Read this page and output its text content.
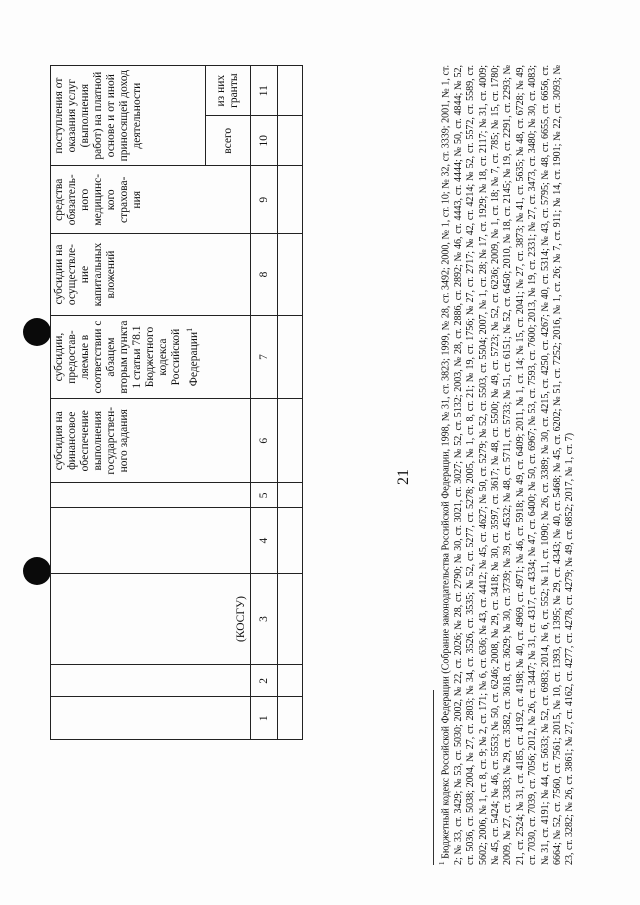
21
		(КОСГУ)			субсидия на финансовое обеспечение выполнения государствен-ного задания	субсидии, предостав-ляемые в соответствии с абзацем вторым пункта 1 статьи 78.1 Бюджетного кодекса Российской Федерации$^1$	субсидии на осуществле-ние капитальных вложений	средства обязатель-ного медицинс-кого страхова-ния	поступления от оказания услуг (выполнения работ) на платной основе и от иной приносящей доход деятельности	
									всего	из них гранты
1	2	3	4	5	6	7	8	9	10	11

$^1$ Бюджетный кодекс Российской Федерации (Собрание законодательства Российской Федерации, 1998, № 31, ст. 3823; 1999, № 28, ст. 3492; 2000, № 1, ст. 10; № 32, ст. 3339; 2001, № 1, ст. 2; № 33, ст. 3429; № 53, ст. 5030; 2002, № 22, ст. 2026; № 28, ст. 2790; № 30, ст. 3021, ст. 3027; № 52, ст. 5132; 2003, № 28, ст. 2886, ст. 2892; № 46, ст. 4443, ст. 4444; № 50, ст. 4844; № 52, ст. 5036, ст. 5038; 2004, № 27, ст. 2803; № 34, ст. 3526, ст. 3535; № 52, ст. 5277, ст. 5278; 2005, № 1, ст. 8, ст. 21; № 19, ст. 1756; № 27, ст. 2717; № 42, ст. 4214; № 52, ст. 5572, ст. 5589, ст. 5602; 2006, № 1, ст. 8, ст. 9; № 2, ст. 171; № 6, ст. 636; № 43, ст. 4412; № 45, ст. 4627; № 50, ст. 5279; № 52, ст. 5503, ст. 5504; 2007, № 1, ст. 28; № 17, ст. 1929; № 18, ст. 2117; № 31, ст. 4009; № 45, ст. 5424; № 46, ст. 5553; № 50, ст. 6246; 2008, № 29, ст. 3418; № 30, ст. 3597, ст. 3617; № 48, ст. 5500; № 49, ст. 5723; № 52, ст. 6236; 2009, № 1, ст. 18; № 7, ст. 785; № 15, ст. 1780; 2009, № 27, ст. 3383; № 29, ст. 3582, ст. 3618, ст. 3629; № 30, ст. 3739; № 39, ст. 4532; № 48, ст. 5711, ст. 5733; № 51, ст. 6151; № 52, ст. 6450; 2010, № 18, ст. 2145; № 19, ст. 2291, ст. 2293; № 21, ст. 2524; № 31, ст. 4185, ст. 4192, ст. 4198; № 40, ст. 4969, ст. 4971; № 46, ст. 5918; № 49, ст. 6409; 2011, № 1, ст. 14; № 15, ст. 2041; № 27, ст. 3873; № 41, ст. 5635; № 48, ст. 6728; № 49, ст. 7030, ст. 7039, ст. 7056; 2012, № 26, ст. 3447; № 31, ст. 4317, ст. 4334; № 47, ст. 6400; № 50, ст. 6967; № 53, ст. 7593, ст. 7600; 2013, № 19, ст. 2331; № 27, ст. 3473, ст. 3480; № 30, ст. 4083; № 31, ст. 4191; № 44, ст. 5633; № 52, ст. 6983; 2014, № 6, ст. 552; № 11, ст. 1090; № 26, ст. 3389; № 30, ст. 4215, ст. 4250, ст. 4267; № 40, ст. 5314; № 43, ст. 5795; № 48, ст. 6655, ст. 6656, ст. 6664; № 52, ст. 7560, ст. 7561; 2015, № 10, ст. 1393, ст. 1395; № 29, ст. 4343; № 40, ст. 5468; № 45, ст. 6202; № 51, ст. 7252; 2016, № 1, ст. 26; № 7, ст. 911; № 14, ст. 1901; № 22, ст. 3093; № 23, ст. 3282; № 26, ст. 3861; № 27, ст. 4162, ст. 4277, ст. 4278, ст. 4279; № 49, ст. 6852; 2017, № 1, ст. 7)
